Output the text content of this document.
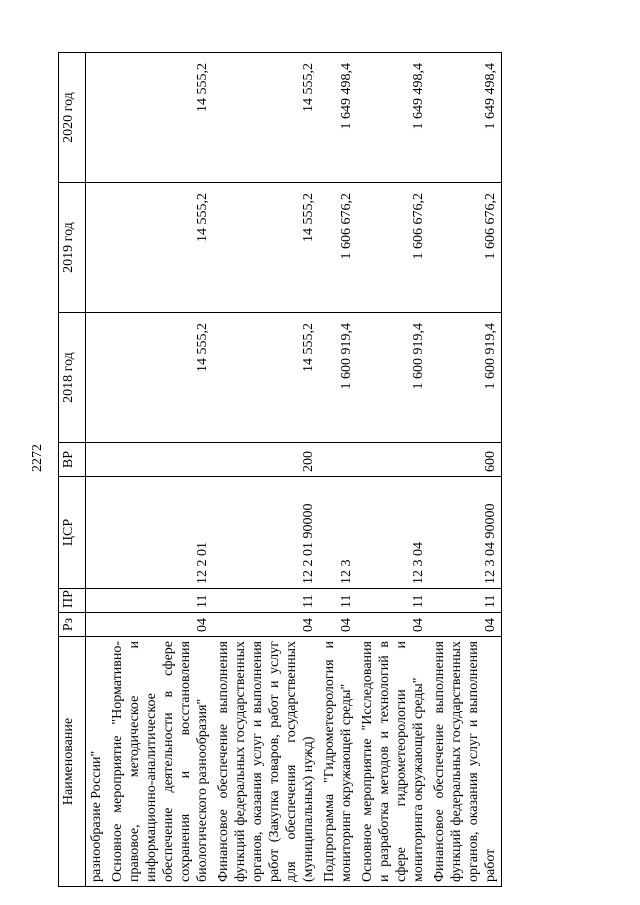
2272
Наименование	Рз	ПР	ЦСР	ВР	2018 год	2019 год	2020 год
разнообразие России"							
Основное мероприятие "Нормативно-правовое, методическое и информационно-аналитическое обеспечение деятельности в сфере сохранения и восстановления биологического разнообразия"	04	11	12 2 01		14 555,2	14 555,2	14 555,2
Финансовое обеспечение выполнения функций федеральных государственных органов, оказания услуг и выполнения работ (Закупка товаров, работ и услуг для обеспечения государственных (муниципальных) нужд)	04	11	12 2 01 90000	200	14 555,2	14 555,2	14 555,2
Подпрограмма "Гидрометеорология и мониторинг окружающей среды"	04	11	12 3		1 600 919,4	1 606 676,2	1 649 498,4
Основное мероприятие "Исследования и разработка методов и технологий в сфере гидрометеорологии и мониторинга окружающей среды"	04	11	12 3 04		1 600 919,4	1 606 676,2	1 649 498,4
Финансовое обеспечение выполнения функций федеральных государственных органов, оказания услуг и выполнения работ	04	11	12 3 04 90000	600	1 600 919,4	1 606 676,2	1 649 498,4
